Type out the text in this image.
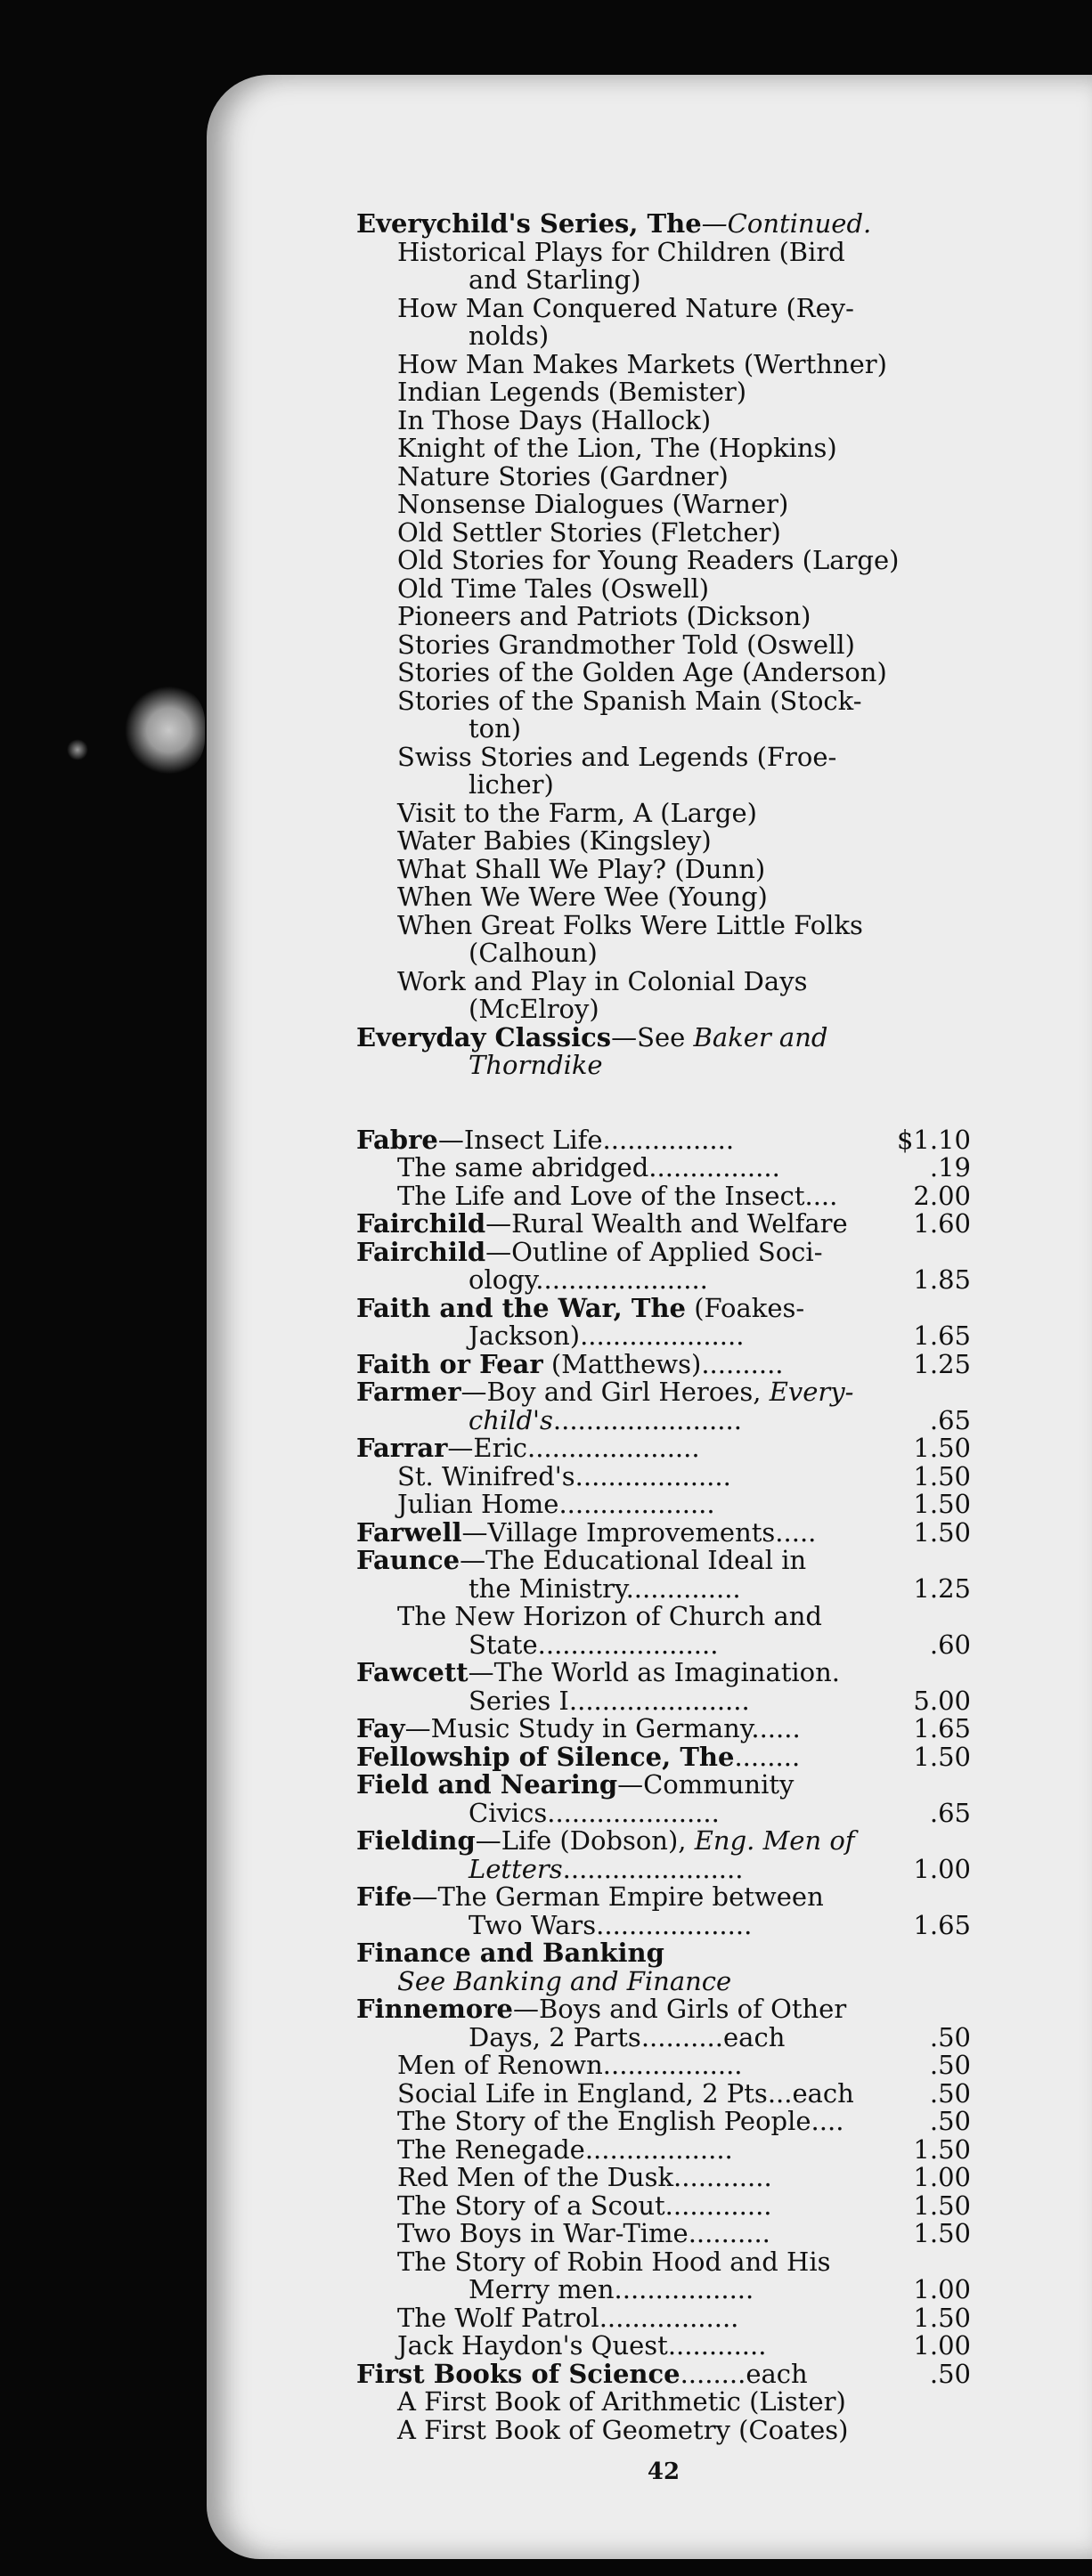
Everychild's Series, The—Continued.
Historical Plays for Children (Bird
and Starling)
How Man Conquered Nature (Rey-
nolds)
How Man Makes Markets (Werthner)
Indian Legends (Bemister)
In Those Days (Hallock)
Knight of the Lion, The (Hopkins)
Nature Stories (Gardner)
Nonsense Dialogues (Warner)
Old Settler Stories (Fletcher)
Old Stories for Young Readers (Large)
Old Time Tales (Oswell)
Pioneers and Patriots (Dickson)
Stories Grandmother Told (Oswell)
Stories of the Golden Age (Anderson)
Stories of the Spanish Main (Stock-
ton)
Swiss Stories and Legends (Froe-
licher)
Visit to the Farm, A (Large)
Water Babies (Kingsley)
What Shall We Play? (Dunn)
When We Were Wee (Young)
When Great Folks Were Little Folks
(Calhoun)
Work and Play in Colonial Days
(McElroy)
Everyday Classics—See Baker and
Thorndike
Fabre—Insect Life................	$1.10
The same abridged................	.19
The Life and Love of the Insect....	2.00
Fairchild—Rural Wealth and Welfare	1.60
Fairchild—Outline of Applied Soci-
ology.....................	1.85
Faith and the War, The (Foakes-
Jackson)....................	1.65
Faith or Fear (Matthews)..........	1.25
Farmer—Boy and Girl Heroes, Every-
child's.......................	.65
Farrar—Eric.....................	1.50
St. Winifred's...................	1.50
Julian Home...................	1.50
Farwell—Village Improvements.....	1.50
Faunce—The Educational Ideal in
the Ministry..............	1.25
The New Horizon of Church and
State......................	.60
Fawcett—The World as Imagination.
Series I......................	5.00
Fay—Music Study in Germany......	1.65
Fellowship of Silence, The........	1.50
Field and Nearing—Community
Civics.....................	.65
Fielding—Life (Dobson), Eng. Men of
Letters......................	1.00
Fife—The German Empire between
Two Wars...................	1.65
Finance and Banking
See Banking and Finance
Finnemore—Boys and Girls of Other
Days, 2 Parts..........each	.50
Men of Renown.................	.50
Social Life in England, 2 Pts...each	.50
The Story of the English People....	.50
The Renegade..................	1.50
Red Men of the Dusk............	1.00
The Story of a Scout.............	1.50
Two Boys in War-Time..........	1.50
The Story of Robin Hood and His
Merry men.................	1.00
The Wolf Patrol.................	1.50
Jack Haydon's Quest............	1.00
First Books of Science........each	.50
A First Book of Arithmetic (Lister)
A First Book of Geometry (Coates)
42
